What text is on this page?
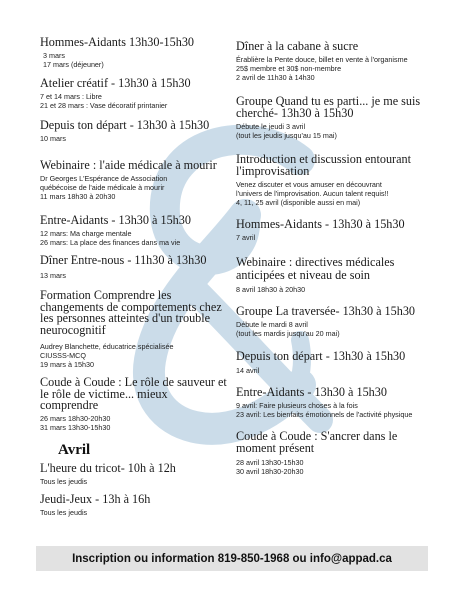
Hommes-Aidants 13h30-15h30
3 mars
17 mars (déjeuner)
Atelier créatif - 13h30 à 15h30
7 et 14 mars : Libre
21 et 28 mars : Vase décoratif printanier
Depuis ton départ - 13h30 à 15h30
10 mars
Webinaire : l'aide médicale à mourir
Dr Georges L'Espérance de Association
québécoise de l'aide médicale à mourir
11 mars 18h30 à 20h30
Entre-Aidants - 13h30 à 15h30
12 mars: Ma charge mentale
26 mars: La place des finances dans ma vie
Dîner Entre-nous - 11h30 à 13h30
13 mars
Formation Comprendre les changements de comportements chez les personnes atteintes d'un trouble neurocognitif
Audrey Blanchette, éducatrice spécialisée
CIUSSS-MCQ
19 mars à 15h30
Coude à Coude : Le rôle de sauveur et le rôle de victime... mieux comprendre
26 mars 18h30-20h30
31 mars 13h30-15h30
Avril
L'heure du tricot- 10h à 12h
Tous les jeudis
Jeudi-Jeux - 13h à 16h
Tous les jeudis
Dîner à la cabane à sucre
Érablière la Pente douce, billet en vente à l'organisme
25$ membre et 30$ non-membre
2 avril de 11h30 à 14h30
Groupe Quand tu es parti... je me suis cherché- 13h30 à 15h30
Débute le jeudi 3 avril
(tout les jeudis jusqu'au 15 mai)
Introduction et discussion entourant l'improvisation
Venez discuter et vous amuser en découvrant
l'univers de l'improvisation. Aucun talent requis!!
4, 11, 25 avril (disponible aussi en mai)
Hommes-Aidants - 13h30 à 15h30
7 avril
Webinaire : directives médicales anticipées et niveau de soin
8 avril 18h30 à 20h30
Groupe La traversée- 13h30 à 15h30
Débute le mardi 8 avril
(tout les mardis jusqu'au 20 mai)
Depuis ton départ - 13h30 à 15h30
14 avril
Entre-Aidants - 13h30 à 15h30
9 avril: Faire plusieurs choses à la fois
23 avril: Les bienfaits émotionnels de l'activité physique
Coude à Coude : S'ancrer dans le moment présent
28 avril 13h30-15h30
30 avril 18h30-20h30
Inscription ou information 819-850-1968 ou info@appad.ca
